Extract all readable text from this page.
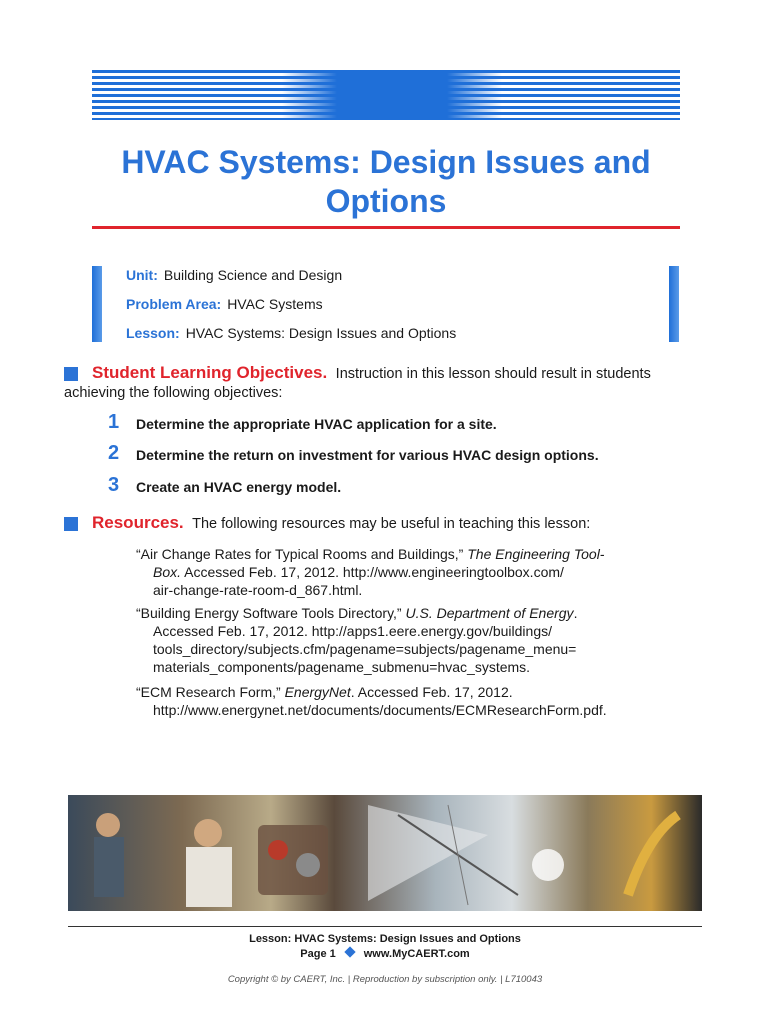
HVAC Systems: Design Issues and Options
Unit: Building Science and Design
Problem Area: HVAC Systems
Lesson: HVAC Systems: Design Issues and Options
Student Learning Objectives. Instruction in this lesson should result in students
achieving the following objectives:
1	Determine the appropriate HVAC application for a site.
2	Determine the return on investment for various HVAC design options.
3	Create an HVAC energy model.
Resources. The following resources may be useful in teaching this lesson:
“Air Change Rates for Typical Rooms and Buildings,” The Engineering Tool-
Box. Accessed Feb. 17, 2012. http://www.engineeringtoolbox.com/
air-change-rate-room-d_867.html.
“Building Energy Software Tools Directory,” U.S. Department of Energy.
Accessed Feb. 17, 2012. http://apps1.eere.energy.gov/buildings/
tools_directory/subjects.cfm/pagename=subjects/pagename_menu=
materials_components/pagename_submenu=hvac_systems.
“ECM Research Form,” EnergyNet. Accessed Feb. 17, 2012.
http://www.energynet.net/documents/documents/ECMResearchForm.pdf.
Lesson: HVAC Systems: Design Issues and Options
Page 1	www.MyCAERT.com
Copyright © by CAERT, Inc. | Reproduction by subscription only. | L710043
